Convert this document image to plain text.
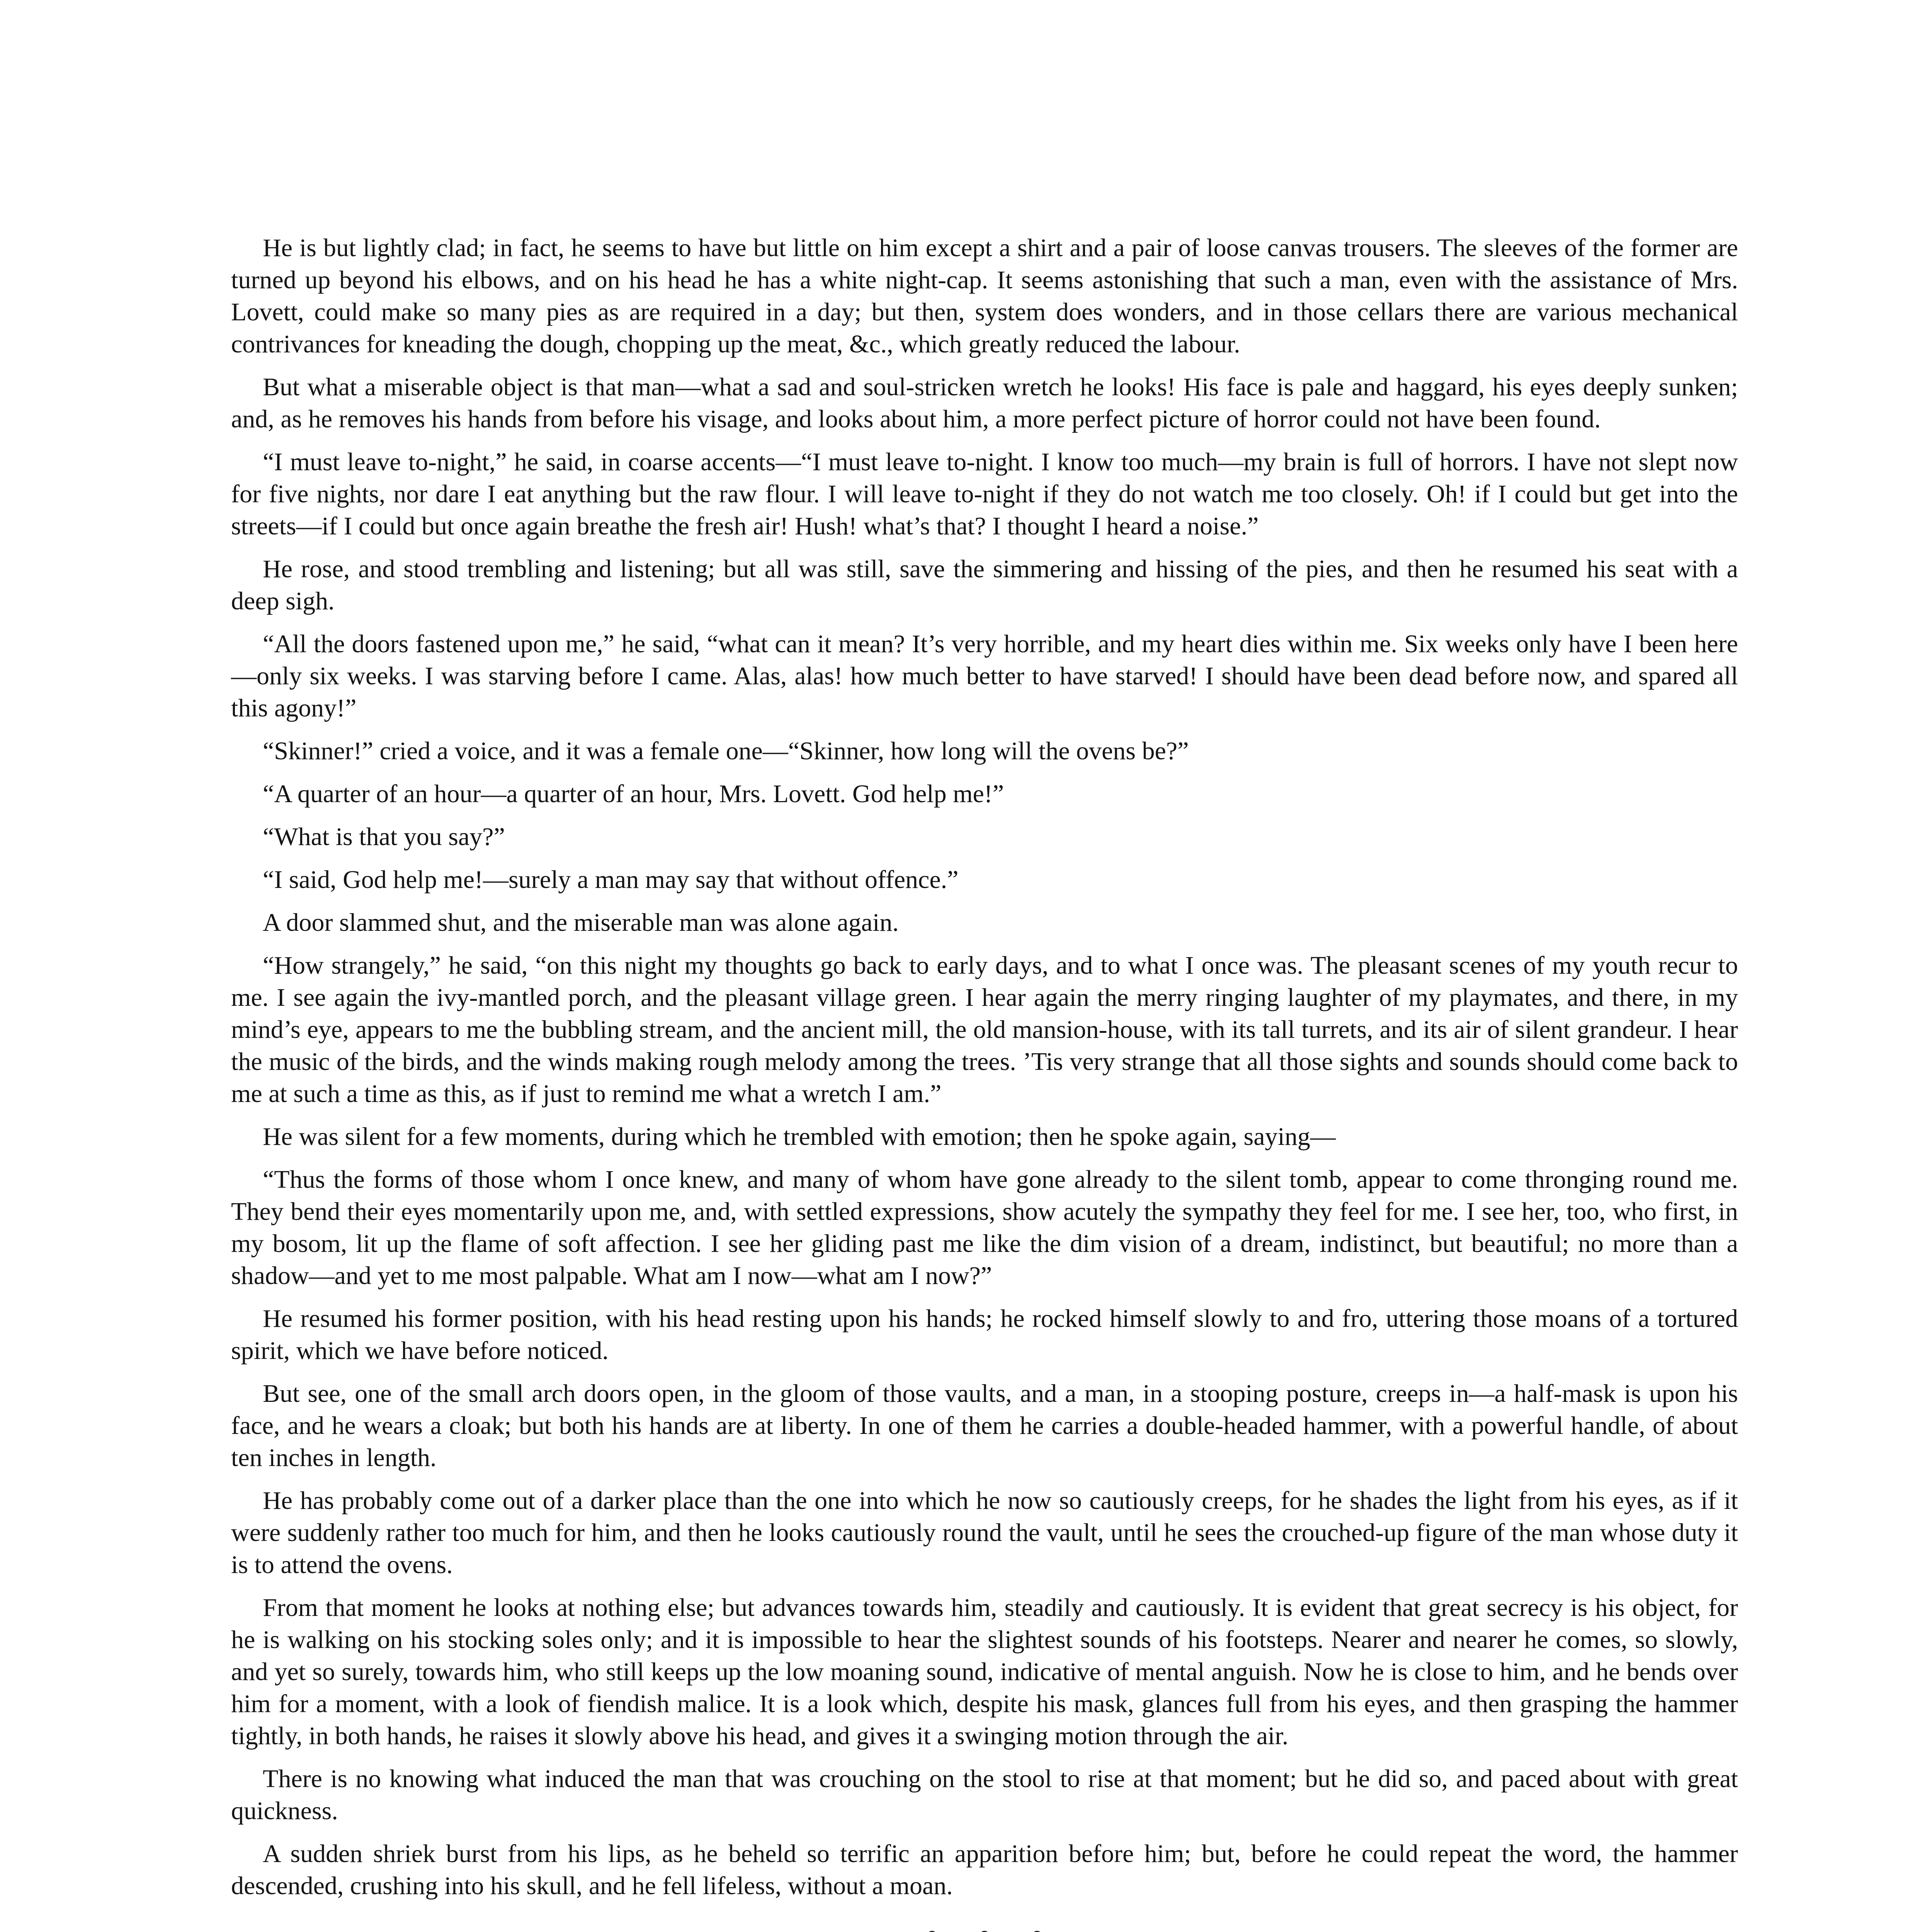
He is but lightly clad; in fact, he seems to have but little on him except a shirt and a pair of loose canvas trousers. The sleeves of the former are turned up beyond his elbows, and on his head he has a white night-cap. It seems astonishing that such a man, even with the assistance of Mrs. Lovett, could make so many pies as are required in a day; but then, system does wonders, and in those cellars there are various mechanical contrivances for kneading the dough, chopping up the meat, &c., which greatly reduced the labour.

But what a miserable object is that man—what a sad and soul-stricken wretch he looks! His face is pale and haggard, his eyes deeply sunken; and, as he removes his hands from before his visage, and looks about him, a more perfect picture of horror could not have been found.

“I must leave to-night,” he said, in coarse accents—“I must leave to-night. I know too much—my brain is full of horrors. I have not slept now for five nights, nor dare I eat anything but the raw flour. I will leave to-night if they do not watch me too closely. Oh! if I could but get into the streets—if I could but once again breathe the fresh air! Hush! what’s that? I thought I heard a noise.”

He rose, and stood trembling and listening; but all was still, save the simmering and hissing of the pies, and then he resumed his seat with a deep sigh.

“All the doors fastened upon me,” he said, “what can it mean? It’s very horrible, and my heart dies within me. Six weeks only have I been here—only six weeks. I was starving before I came. Alas, alas! how much better to have starved! I should have been dead before now, and spared all this agony!”

“Skinner!” cried a voice, and it was a female one—“Skinner, how long will the ovens be?”

“A quarter of an hour—a quarter of an hour, Mrs. Lovett. God help me!”

“What is that you say?”

“I said, God help me!—surely a man may say that without offence.”

A door slammed shut, and the miserable man was alone again.

“How strangely,” he said, “on this night my thoughts go back to early days, and to what I once was. The pleasant scenes of my youth recur to me. I see again the ivy-mantled porch, and the pleasant village green. I hear again the merry ringing laughter of my playmates, and there, in my mind’s eye, appears to me the bubbling stream, and the ancient mill, the old mansion-house, with its tall turrets, and its air of silent grandeur. I hear the music of the birds, and the winds making rough melody among the trees. ’Tis very strange that all those sights and sounds should come back to me at such a time as this, as if just to remind me what a wretch I am.”

He was silent for a few moments, during which he trembled with emotion; then he spoke again, saying—

“Thus the forms of those whom I once knew, and many of whom have gone already to the silent tomb, appear to come thronging round me. They bend their eyes momentarily upon me, and, with settled expressions, show acutely the sympathy they feel for me. I see her, too, who first, in my bosom, lit up the flame of soft affection. I see her gliding past me like the dim vision of a dream, indistinct, but beautiful; no more than a shadow—and yet to me most palpable. What am I now—what am I now?”

He resumed his former position, with his head resting upon his hands; he rocked himself slowly to and fro, uttering those moans of a tortured spirit, which we have before noticed.

But see, one of the small arch doors open, in the gloom of those vaults, and a man, in a stooping posture, creeps in—a half-mask is upon his face, and he wears a cloak; but both his hands are at liberty. In one of them he carries a double-headed hammer, with a powerful handle, of about ten inches in length.

He has probably come out of a darker place than the one into which he now so cautiously creeps, for he shades the light from his eyes, as if it were suddenly rather too much for him, and then he looks cautiously round the vault, until he sees the crouched-up figure of the man whose duty it is to attend the ovens.

From that moment he looks at nothing else; but advances towards him, steadily and cautiously. It is evident that great secrecy is his object, for he is walking on his stocking soles only; and it is impossible to hear the slightest sounds of his footsteps. Nearer and nearer he comes, so slowly, and yet so surely, towards him, who still keeps up the low moaning sound, indicative of mental anguish. Now he is close to him, and he bends over him for a moment, with a look of fiendish malice. It is a look which, despite his mask, glances full from his eyes, and then grasping the hammer tightly, in both hands, he raises it slowly above his head, and gives it a swinging motion through the air.

There is no knowing what induced the man that was crouching on the stool to rise at that moment; but he did so, and paced about with great quickness.

A sudden shriek burst from his lips, as he beheld so terrific an apparition before him; but, before he could repeat the word, the hammer descended, crushing into his skull, and he fell lifeless, without a moan.
